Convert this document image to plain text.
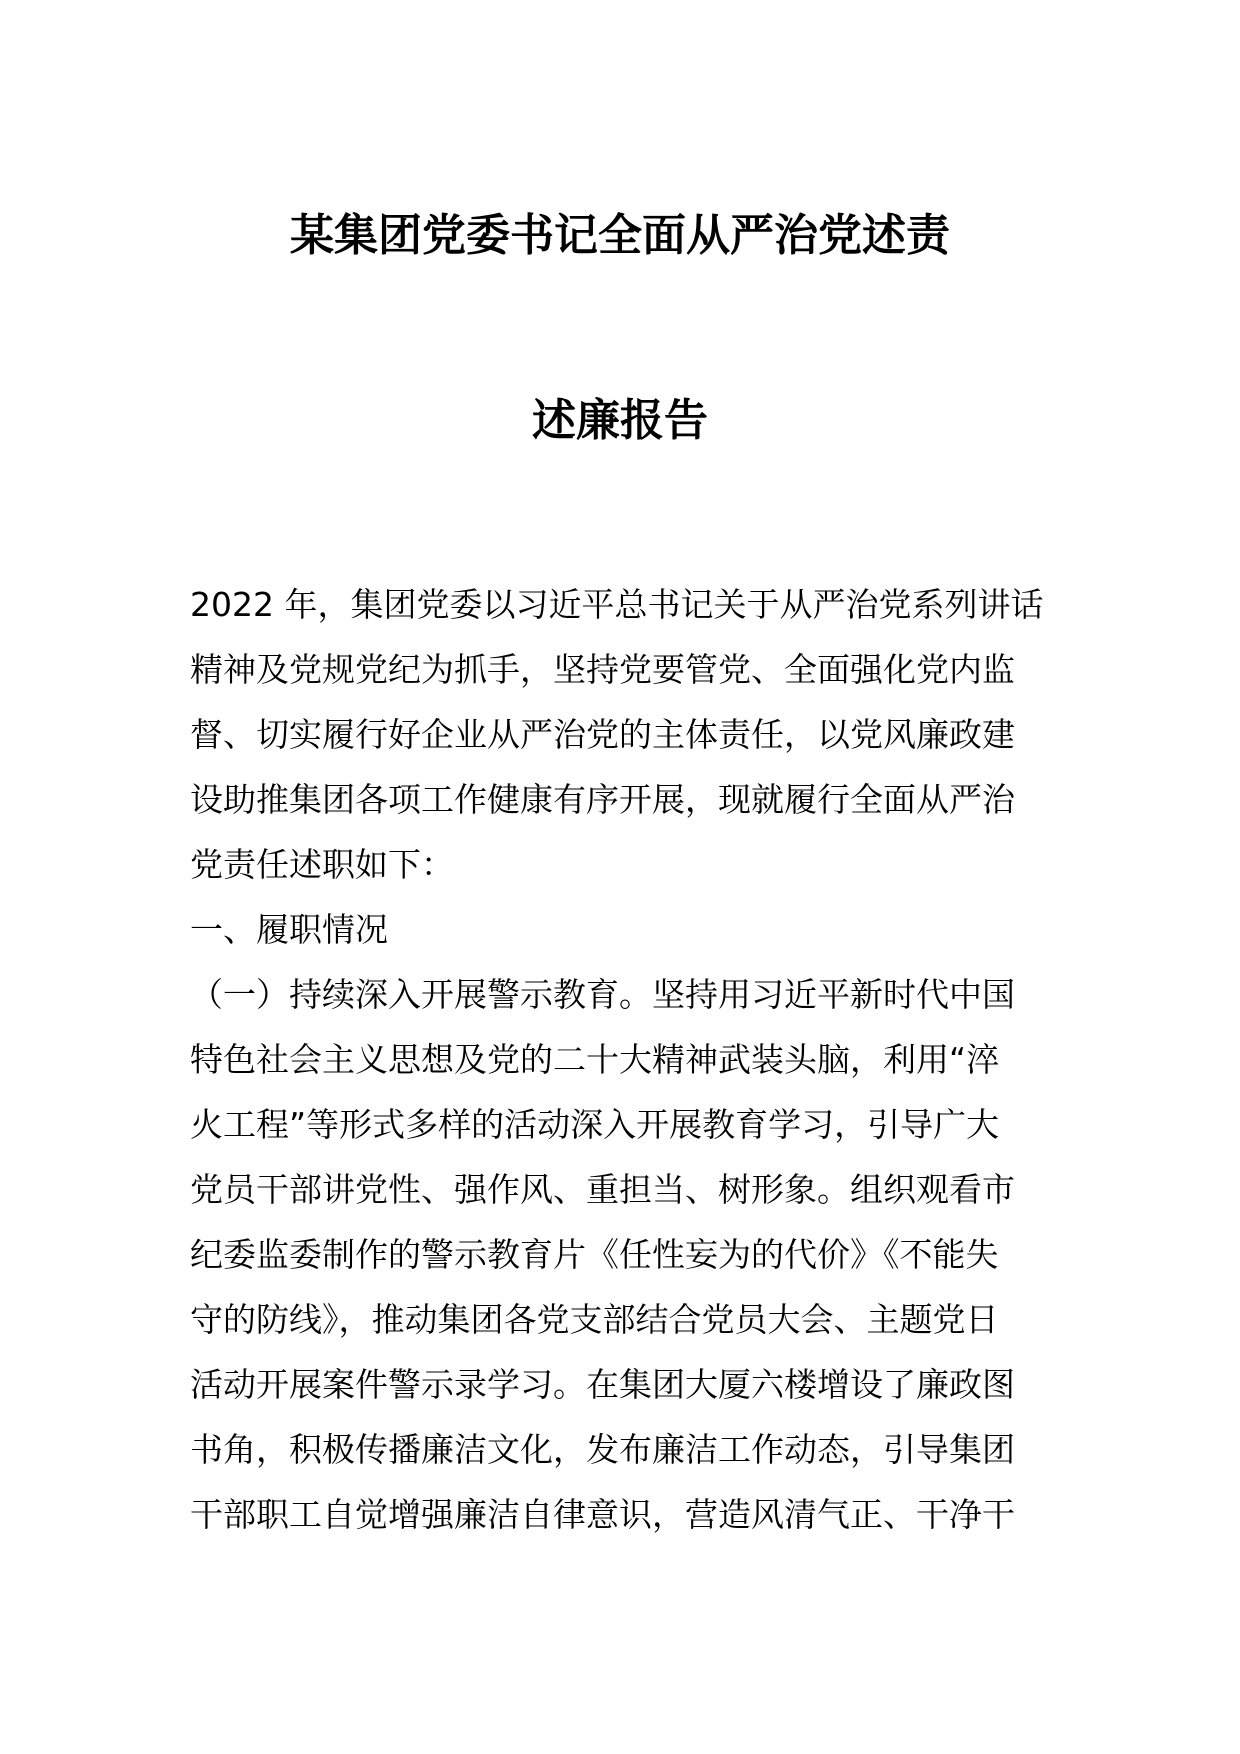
某集团党委书记全面从严治党述责
述廉报告
2022 年，集团党委以习近平总书记关于从严治党系列讲话
精神及党规党纪为抓手，坚持党要管党、全面强化党内监
督、切实履行好企业从严治党的主体责任，以党风廉政建
设助推集团各项工作健康有序开展，现就履行全面从严治
党责任述职如下：
一、履职情况
（一）持续深入开展警示教育。坚持用习近平新时代中国
特色社会主义思想及党的二十大精神武装头脑，利用“淬
火工程”等形式多样的活动深入开展教育学习，引导广大
党员干部讲党性、强作风、重担当、树形象。组织观看市
纪委监委制作的警示教育片《任性妄为的代价》《不能失
守的防线》，推动集团各党支部结合党员大会、主题党日
活动开展案件警示录学习。在集团大厦六楼增设了廉政图
书角，积极传播廉洁文化，发布廉洁工作动态，引导集团
干部职工自觉增强廉洁自律意识，营造风清气正、干净干
